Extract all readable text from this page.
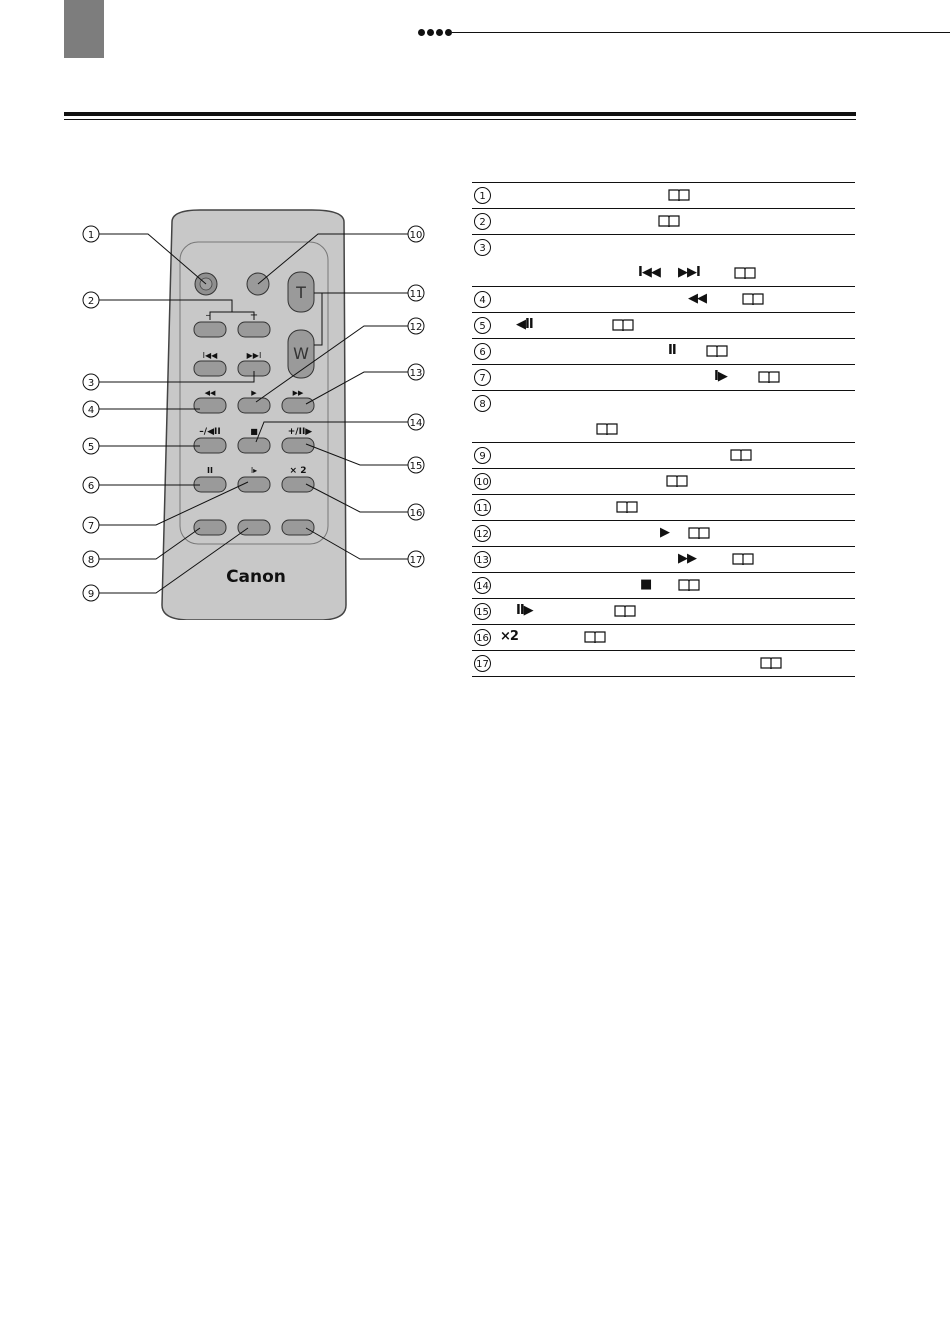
1
2
3
4
5
6
7
8
9
10
11
12
13
14
15
16
17
T
W
–	+
I◀◀	▶▶I
◀◀	▶	▶▶
–/◀II	■	+/II▶
II	I▸	× 2
Canon
1
2
3
I◀◀ ▶▶I
4	◀◀
5	◀II
6	II
7	I▶
8
9
10
11
12	▶
13	▶▶
14	■
15 II▶
16 ×2
17
